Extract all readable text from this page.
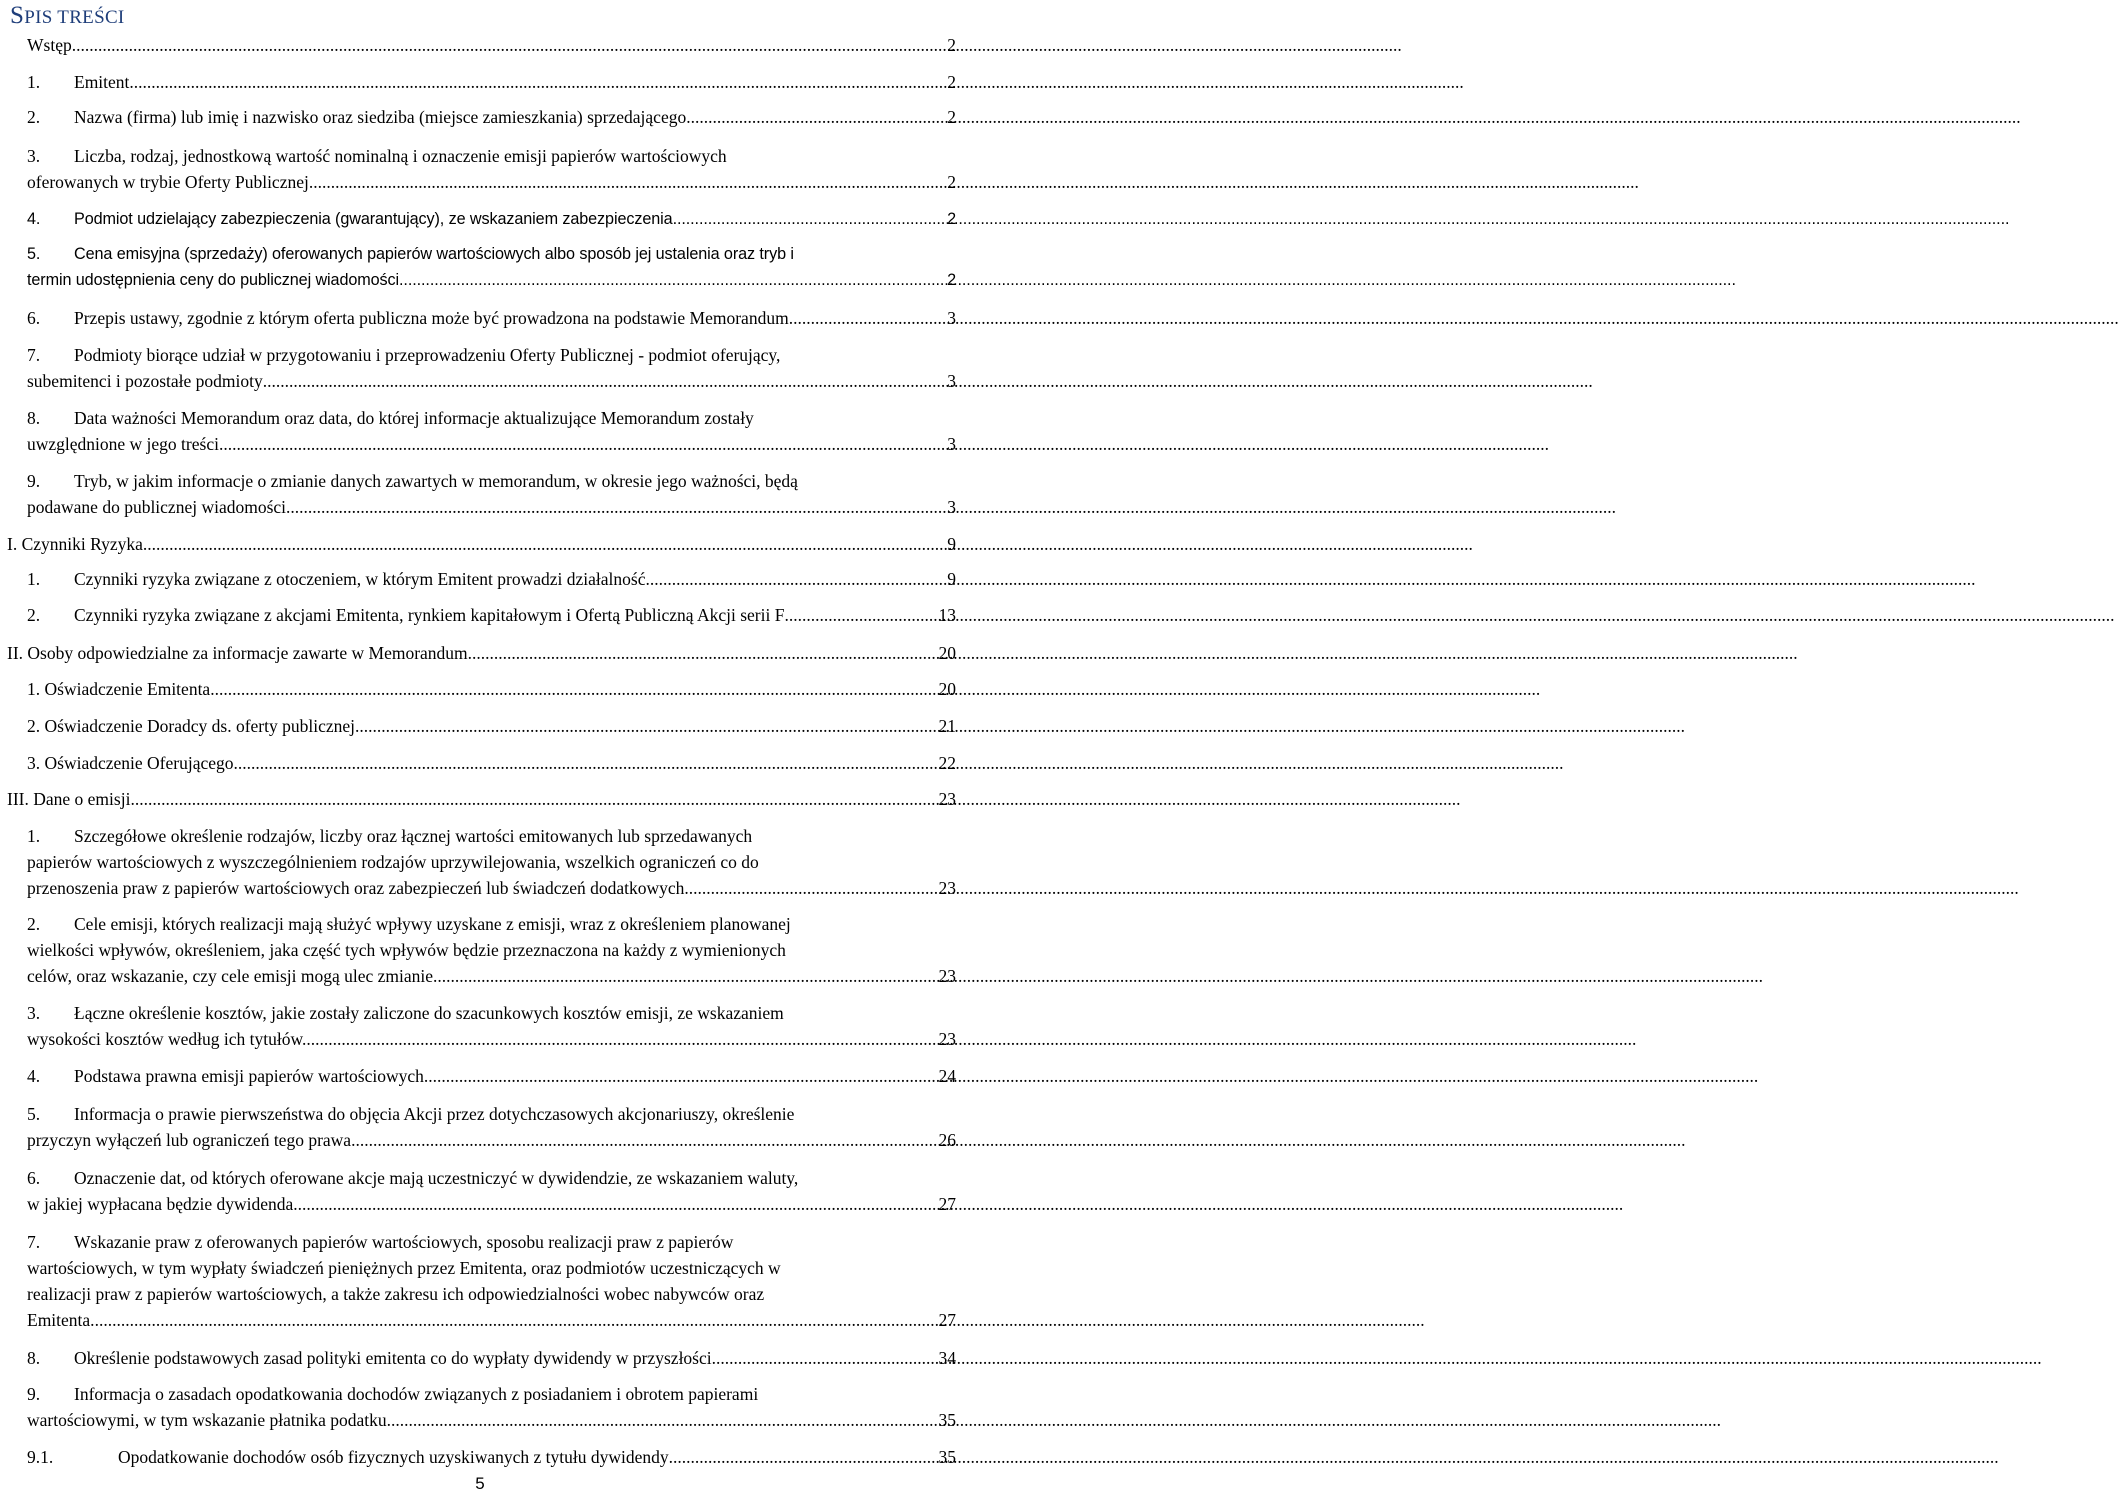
SPIS TREŚCI
Wstęp .....	2
1.	Emitent. .....	2
2.	Nazwa (firma) lub imię i nazwisko oraz siedziba (miejsce zamieszkania) sprzedającego. .....	2
3.	Liczba, rodzaj, jednostkową wartość nominalną i oznaczenie emisji papierów wartościowych
oferowanych w trybie Oferty Publicznej .....	2
4.	Podmiot udzielający zabezpieczenia (gwarantujący), ze wskazaniem zabezpieczenia .....	2
5.	Cena emisyjna (sprzedaży) oferowanych papierów wartościowych albo sposób jej ustalenia oraz tryb i
termin udostępnienia ceny do publicznej wiadomości .....	2
6.	Przepis ustawy, zgodnie z którym oferta publiczna może być prowadzona na podstawie Memorandum .....	3
7.	Podmioty biorące udział w przygotowaniu i przeprowadzeniu Oferty Publicznej - podmiot oferujący,
subemitenci i pozostałe podmioty .....	3
8.	Data ważności Memorandum oraz data, do której informacje aktualizujące Memorandum zostały
uwzględnione w jego treści .....	3
9.	Tryb, w jakim informacje o zmianie danych zawartych w memorandum, w okresie jego ważności, będą
podawane do publicznej wiadomości .....	3
I. Czynniki Ryzyka .....	9
1.	Czynniki ryzyka związane z otoczeniem, w którym Emitent prowadzi działalność .....	9
2.	Czynniki ryzyka związane z akcjami Emitenta, rynkiem kapitałowym i Ofertą Publiczną Akcji serii F .....	13
II. Osoby odpowiedzialne za informacje zawarte w Memorandum .....	20
1. Oświadczenie Emitenta .....	20
2. Oświadczenie Doradcy ds. oferty publicznej .....	21
3. Oświadczenie Oferującego .....	22
III. Dane o emisji .....	23
1.	Szczegółowe określenie rodzajów, liczby oraz łącznej wartości emitowanych lub sprzedawanych
papierów wartościowych z wyszczególnieniem rodzajów uprzywilejowania, wszelkich ograniczeń co do
przenoszenia praw z papierów wartościowych oraz zabezpieczeń lub świadczeń dodatkowych. .....	23
2.	Cele emisji, których realizacji mają służyć wpływy uzyskane z emisji, wraz z określeniem planowanej
wielkości wpływów, określeniem, jaka część tych wpływów będzie przeznaczona na każdy z wymienionych
celów, oraz wskazanie, czy cele emisji mogą ulec zmianie .....	23
3.	Łączne określenie kosztów, jakie zostały zaliczone do szacunkowych kosztów emisji, ze wskazaniem
wysokości kosztów według ich tytułów. .....	23
4.	Podstawa prawna emisji papierów wartościowych. .....	24
5.	Informacja o prawie pierwszeństwa do objęcia Akcji przez dotychczasowych akcjonariuszy, określenie
przyczyn wyłączeń lub ograniczeń tego prawa. .....	26
6.	Oznaczenie dat, od których oferowane akcje mają uczestniczyć w dywidendzie, ze wskazaniem waluty,
w jakiej wypłacana będzie dywidenda .....	27
7.	Wskazanie praw z oferowanych papierów wartościowych, sposobu realizacji praw z papierów
wartościowych, w tym wypłaty świadczeń pieniężnych przez Emitenta, oraz podmiotów uczestniczących w
realizacji praw z papierów wartościowych, a także zakresu ich odpowiedzialności wobec nabywców oraz
Emitenta. .....	27
8.	Określenie podstawowych zasad polityki emitenta co do wypłaty dywidendy w przyszłości .....	34
9.	Informacja o zasadach opodatkowania dochodów związanych z posiadaniem i obrotem papierami
wartościowymi, w tym wskazanie płatnika podatku. .....	35
9.1.	Opodatkowanie dochodów osób fizycznych uzyskiwanych z tytułu dywidendy .....	35
5
